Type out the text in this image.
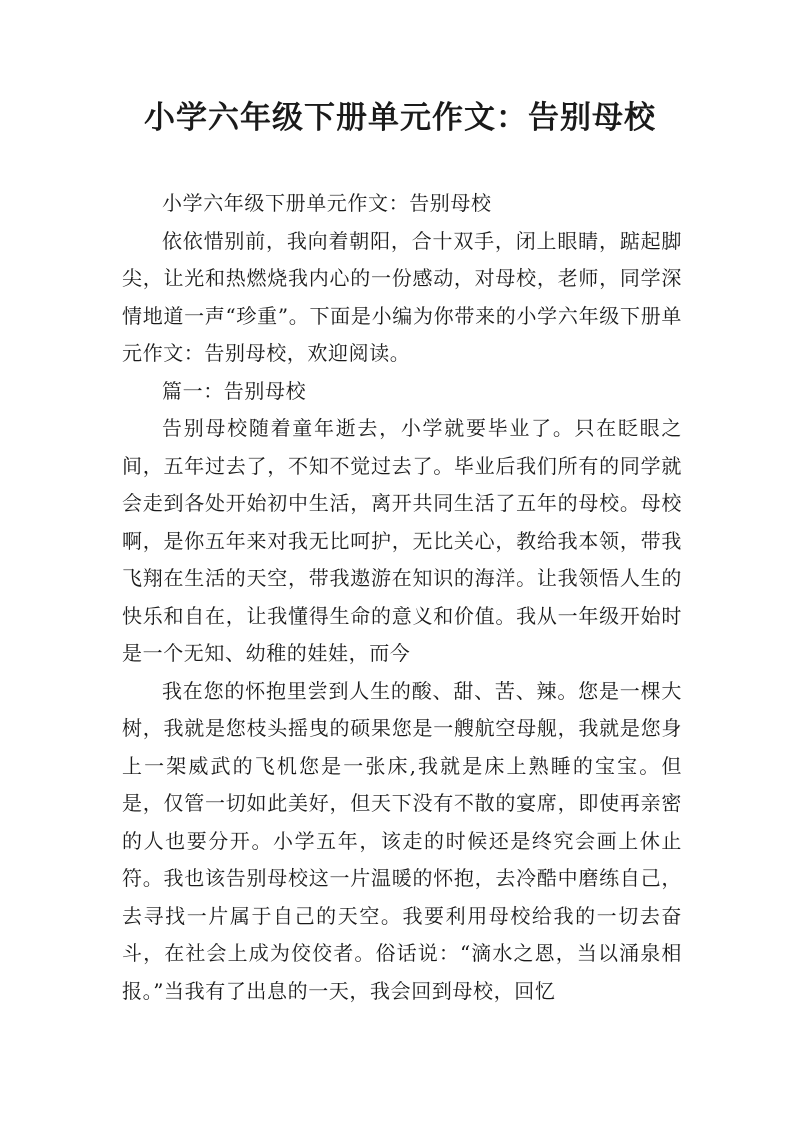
小学六年级下册单元作文：告别母校

小学六年级下册单元作文：告别母校

依依惜别前，我向着朝阳，合十双手，闭上眼睛，踮起脚尖，让光和热燃烧我内心的一份感动，对母校，老师，同学深情地道一声“珍重”。下面是小编为你带来的小学六年级下册单元作文：告别母校，欢迎阅读。

篇一：告别母校

告别母校随着童年逝去，小学就要毕业了。只在眨眼之间，五年过去了，不知不觉过去了。毕业后我们所有的同学就会走到各处开始初中生活，离开共同生活了五年的母校。母校啊，是你五年来对我无比呵护，无比关心，教给我本领，带我飞翔在生活的天空，带我遨游在知识的海洋。让我领悟人生的快乐和自在，让我懂得生命的意义和价值。我从一年级开始时是一个无知、幼稚的娃娃，而今

我在您的怀抱里尝到人生的酸、甜、苦、辣。您是一棵大树，我就是您枝头摇曳的硕果您是一艘航空母舰，我就是您身上一架威武的飞机您是一张床,我就是床上熟睡的宝宝。但是，仅管一切如此美好，但天下没有不散的宴席，即使再亲密的人也要分开。小学五年，该走的时候还是终究会画上休止符。我也该告别母校这一片温暖的怀抱，去冷酷中磨练自己，去寻找一片属于自己的天空。我要利用母校给我的一切去奋斗，在社会上成为佼佼者。俗话说：“滴水之恩，当以涌泉相报。”当我有了出息的一天，我会回到母校，回忆
